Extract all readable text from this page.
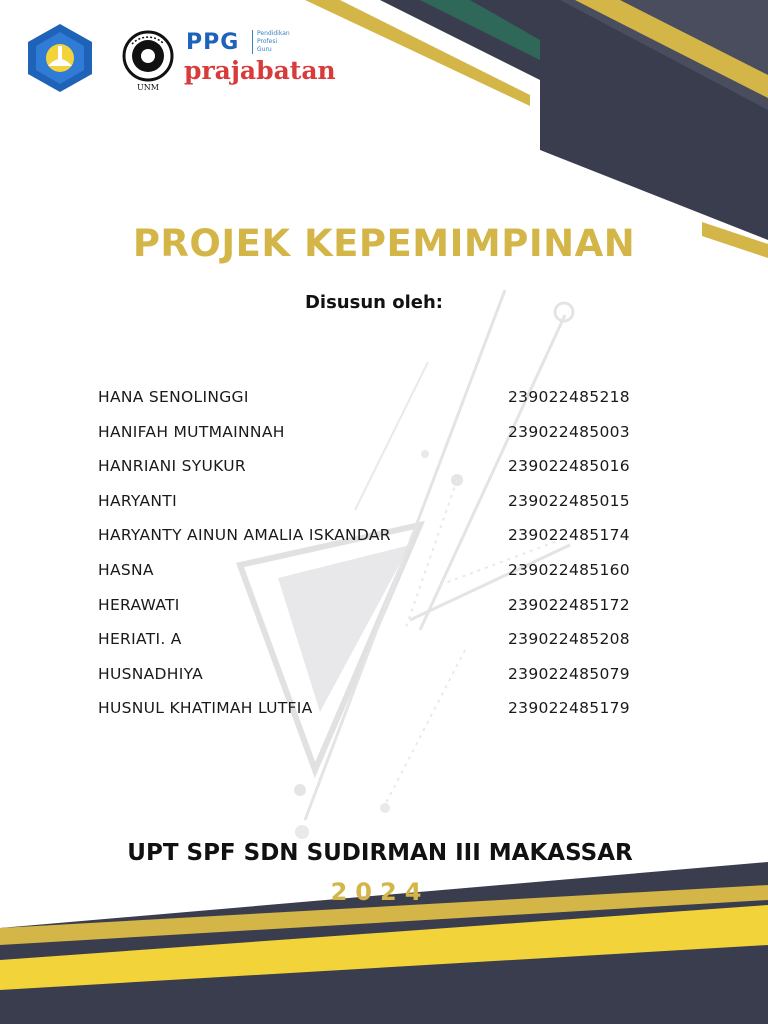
UNM
PPG	Pendidikan
Profesi
Guru
prajabatan
PROJEK KEPEMIMPINAN
Disusun oleh:
HANA SENOLINGGI	239022485218
HANIFAH MUTMAINNAH	239022485003
HANRIANI SYUKUR	239022485016
HARYANTI	239022485015
HARYANTY AINUN AMALIA ISKANDAR	239022485174
HASNA	239022485160
HERAWATI	239022485172
HERIATI. A	239022485208
HUSNADHIYA	239022485079
HUSNUL KHATIMAH LUTFIA	239022485179
UPT SPF SDN SUDIRMAN III MAKASSAR
2024
